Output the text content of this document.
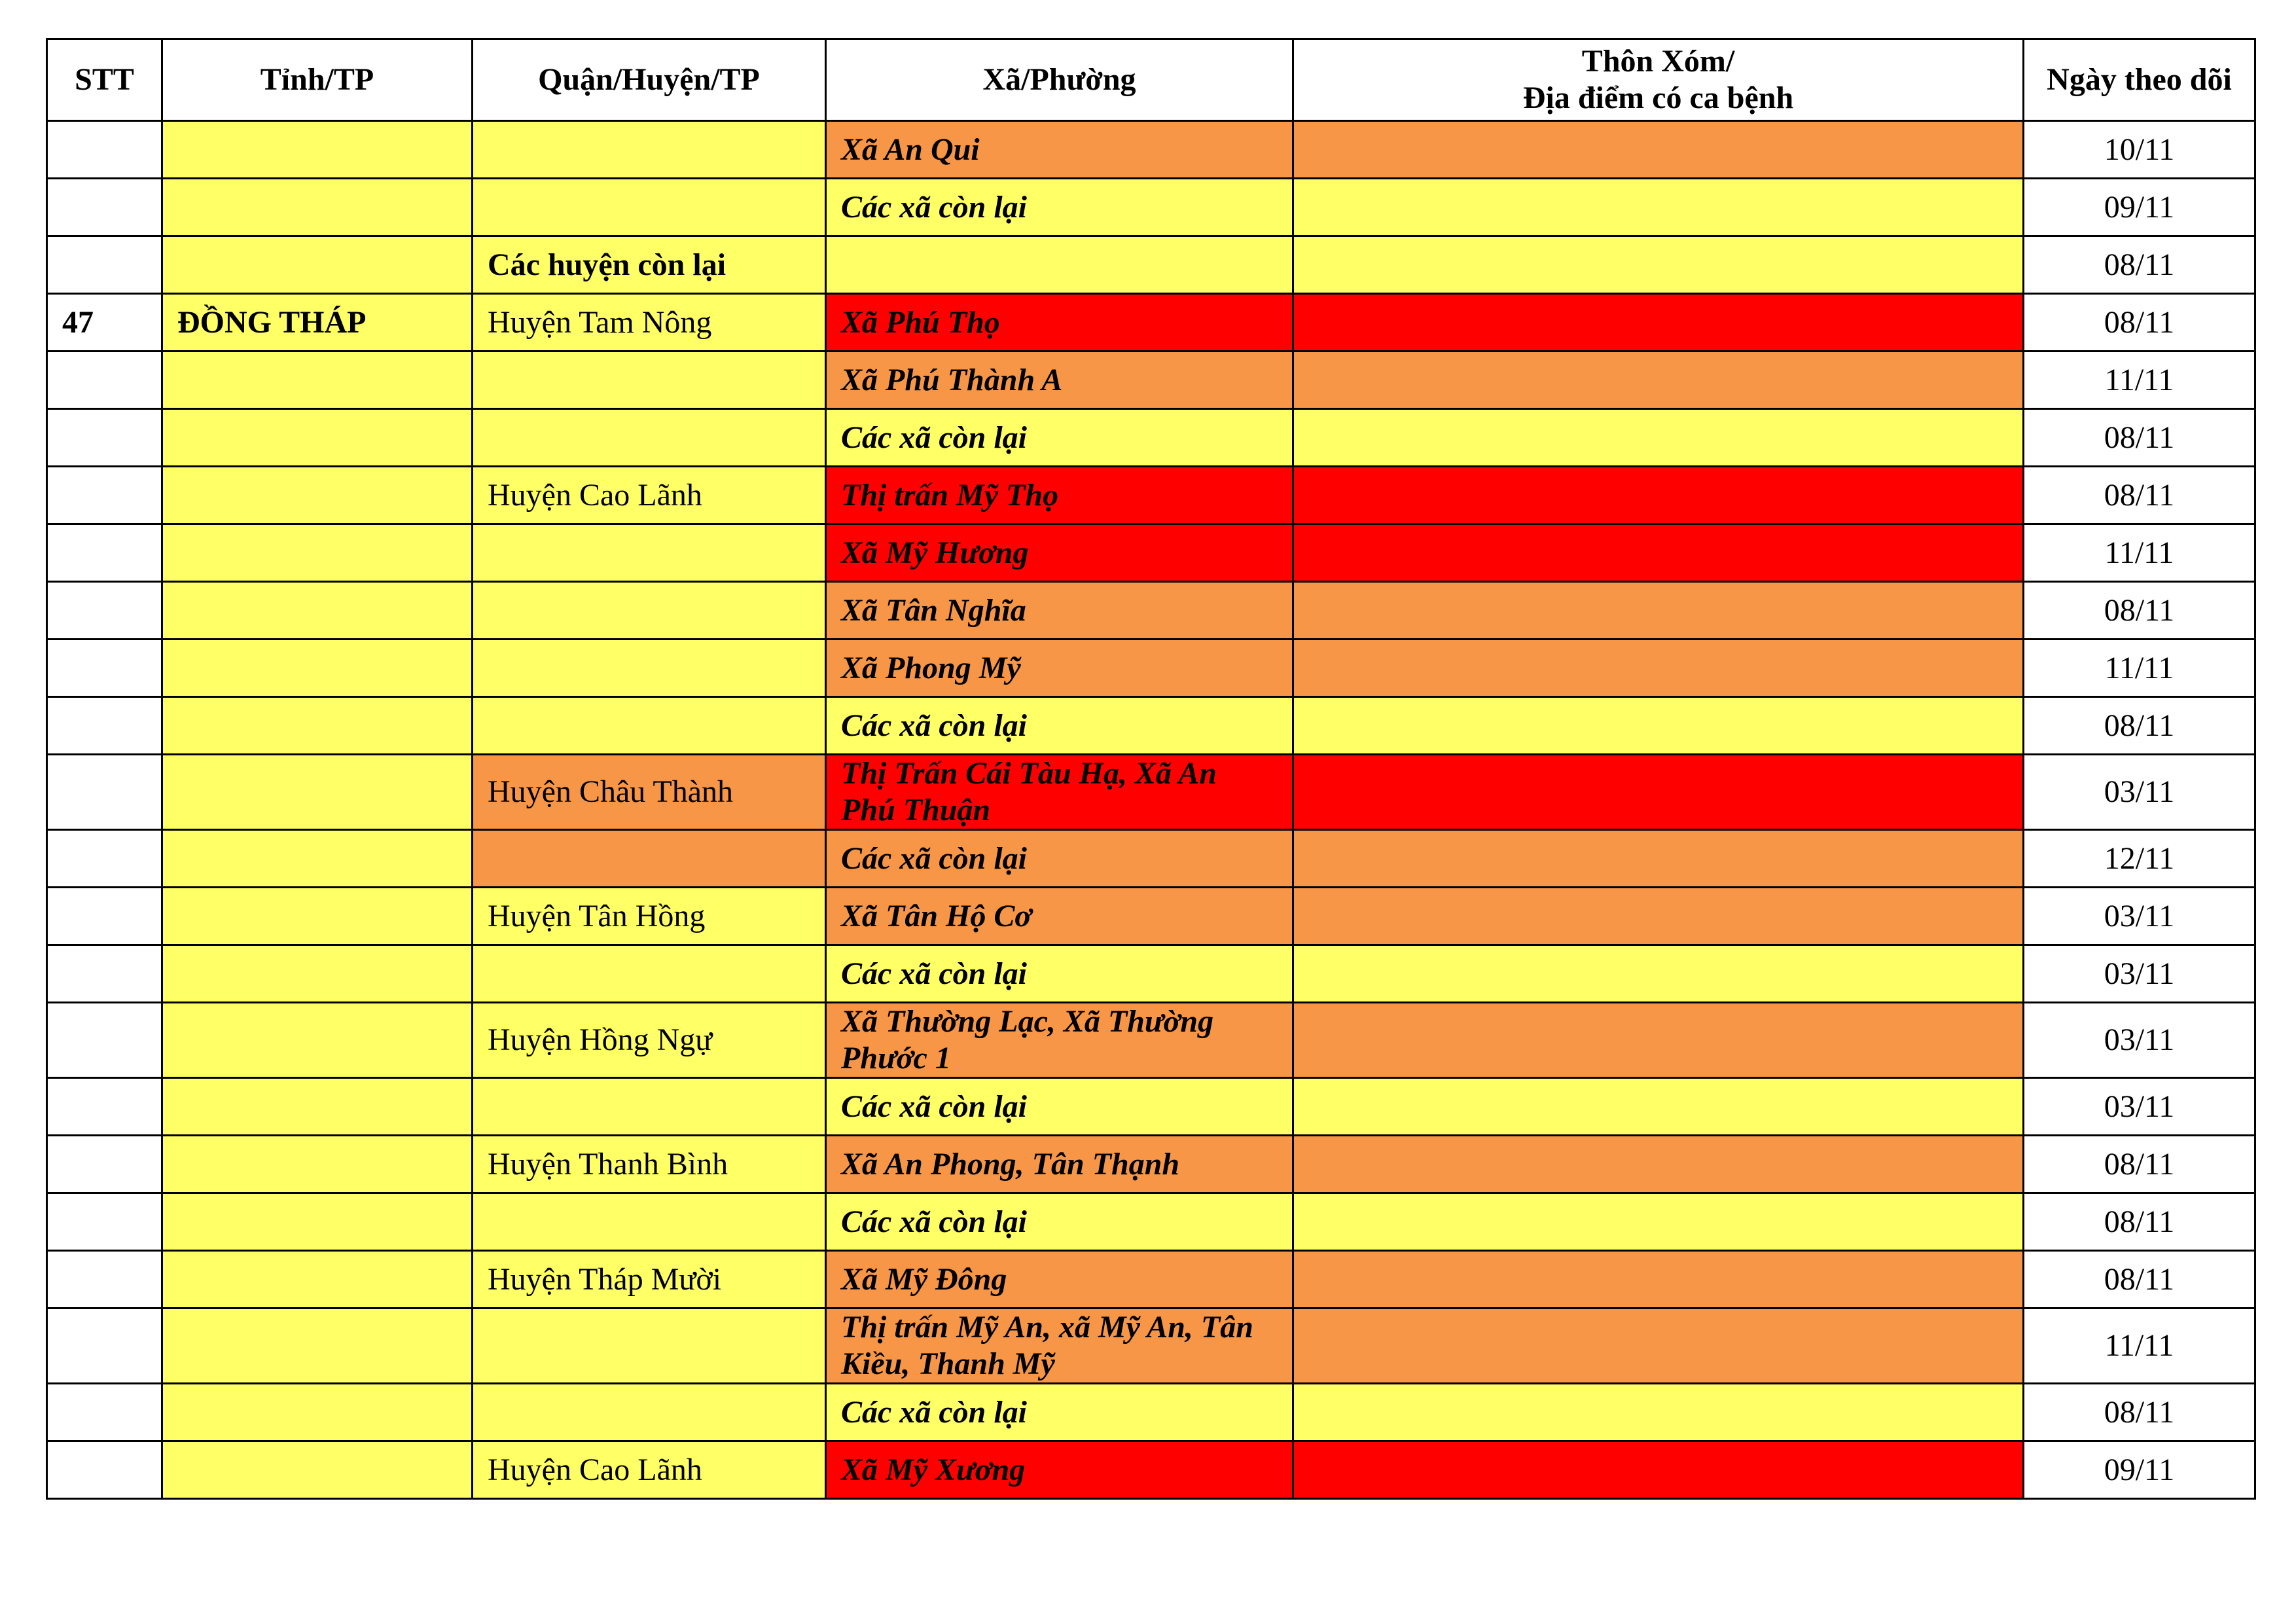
STT	Tỉnh/TP	Quận/Huyện/TP	Xã/Phường	Thôn Xóm/
Địa điểm có ca bệnh	Ngày theo dõi
			Xã An Qui		10/11
			Các xã còn lại		09/11
		Các huyện còn lại			08/11
47	ĐỒNG THÁP	Huyện Tam Nông	Xã Phú Thọ		08/11
			Xã Phú Thành A		11/11
			Các xã còn lại		08/11
		Huyện Cao Lãnh	Thị trấn Mỹ Thọ		08/11
			Xã Mỹ Hương		11/11
			Xã Tân Nghĩa		08/11
			Xã Phong Mỹ		11/11
			Các xã còn lại		08/11
		Huyện Châu Thành	Thị Trấn Cái Tàu Hạ, Xã An Phú Thuận		03/11
			Các xã còn lại		12/11
		Huyện Tân Hồng	Xã Tân Hộ Cơ		03/11
			Các xã còn lại		03/11
		Huyện Hồng Ngự	Xã Thường Lạc, Xã Thường Phước 1		03/11
			Các xã còn lại		03/11
		Huyện Thanh Bình	Xã An Phong, Tân Thạnh		08/11
			Các xã còn lại		08/11
		Huyện Tháp Mười	Xã Mỹ Đông		08/11
			Thị trấn Mỹ An, xã Mỹ An, Tân Kiều, Thanh Mỹ		11/11
			Các xã còn lại		08/11
		Huyện Cao Lãnh	Xã Mỹ Xương		09/11
